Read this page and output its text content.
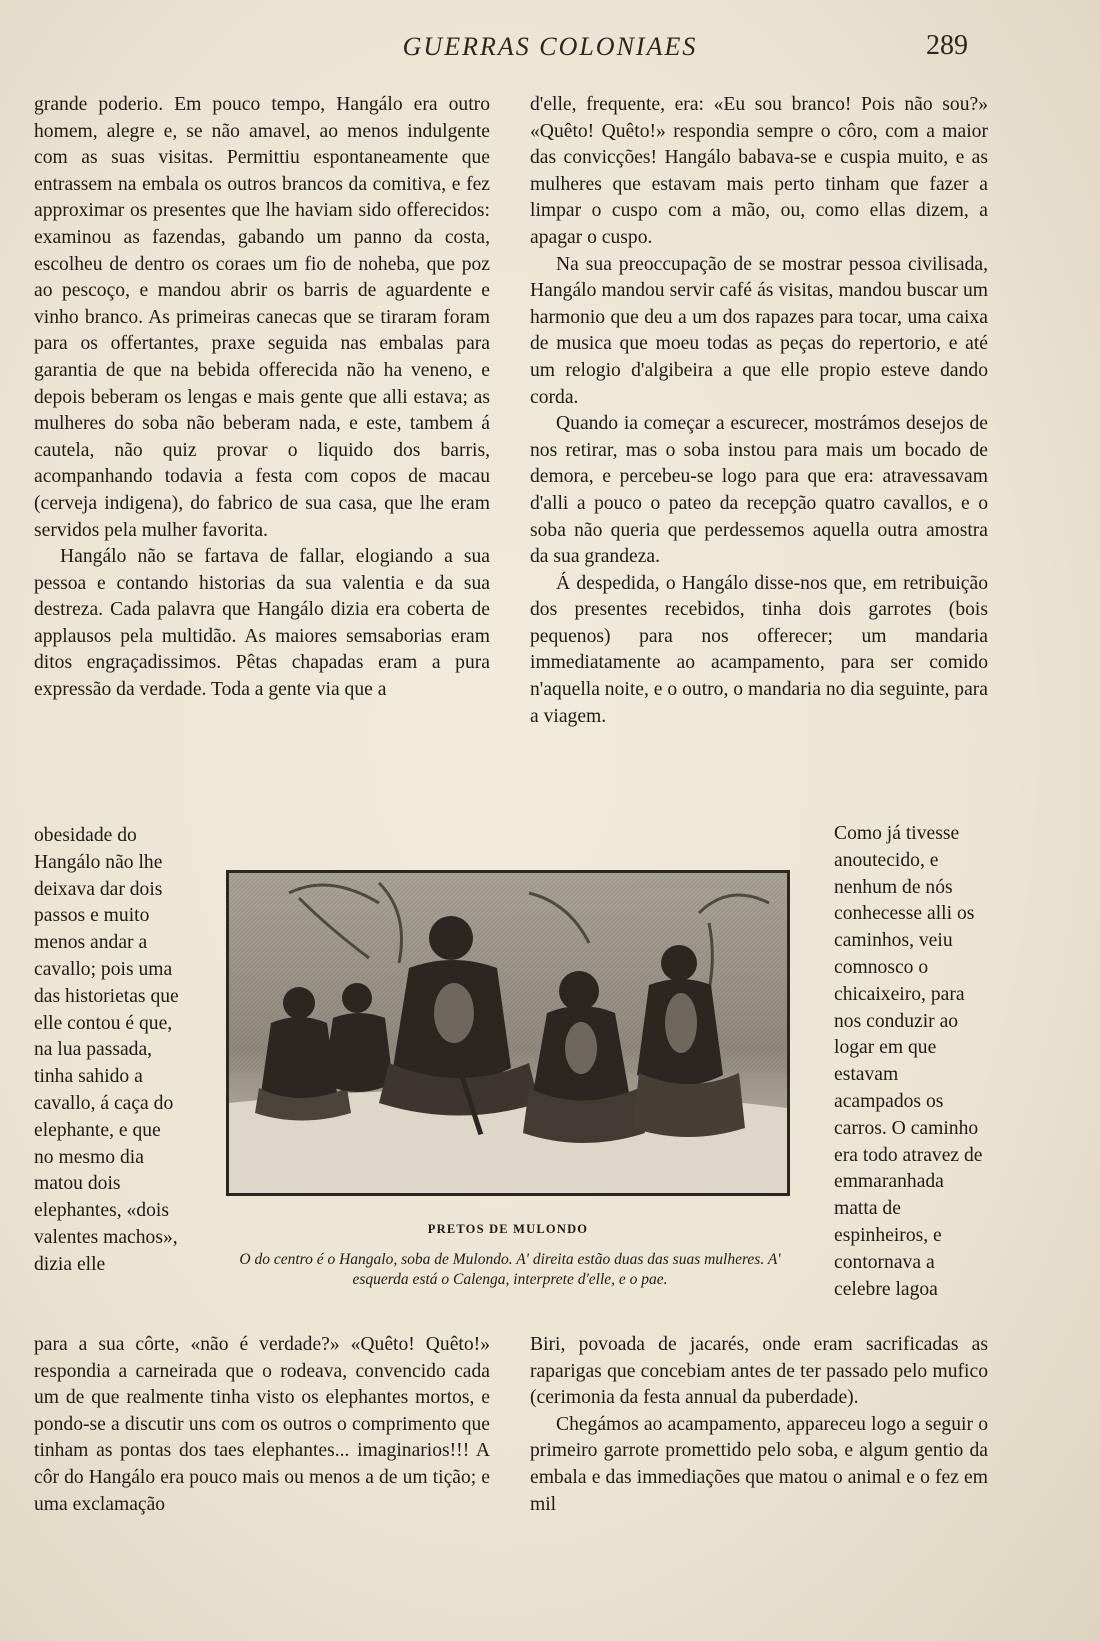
GUERRAS COLONIAES	289

grande poderio. Em pouco tempo, Hangálo era outro homem, alegre e, se não amavel, ao menos indulgente com as suas visitas. Permittiu espontaneamente que entrassem na embala os outros brancos da comitiva, e fez approximar os presentes que lhe haviam sido offerecidos: examinou as fazendas, gabando um panno da costa, escolheu de dentro os coraes um fio de noheba, que poz ao pescoço, e mandou abrir os barris de aguardente e vinho branco. As primeiras canecas que se tiraram foram para os offertantes, praxe seguida nas embalas para garantia de que na bebida offerecida não ha veneno, e depois beberam os lengas e mais gente que alli estava; as mulheres do soba não beberam nada, e este, tambem á cautela, não quiz provar o liquido dos barris, acompanhando todavia a festa com copos de macau (cerveja indigena), do fabrico de sua casa, que lhe eram servidos pela mulher favorita.

Hangálo não se fartava de fallar, elogiando a sua pessoa e contando historias da sua valentia e da sua destreza. Cada palavra que Hangálo dizia era coberta de applausos pela multidão. As maiores semsaborias eram ditos engraçadissimos. Pêtas chapadas eram a pura expressão da verdade. Toda a gente via que a

d'elle, frequente, era: «Eu sou branco! Pois não sou?» «Quêto! Quêto!» respondia sempre o côro, com a maior das convicções! Hangálo babava-se e cuspia muito, e as mulheres que estavam mais perto tinham que fazer a limpar o cuspo com a mão, ou, como ellas dizem, a apagar o cuspo.

Na sua preoccupação de se mostrar pessoa civilisada, Hangálo mandou servir café ás visitas, mandou buscar um harmonio que deu a um dos rapazes para tocar, uma caixa de musica que moeu todas as peças do repertorio, e até um relogio d'algibeira a que elle propio esteve dando corda.

Quando ia começar a escurecer, mostrámos desejos de nos retirar, mas o soba instou para mais um bocado de demora, e percebeu-se logo para que era: atravessavam d'alli a pouco o pateo da recepção quatro cavallos, e o soba não queria que perdessemos aquella outra amostra da sua grandeza.

Á despedida, o Hangálo disse-nos que, em retribuição dos presentes recebidos, tinha dois garrotes (bois pequenos) para nos offerecer; um mandaria immediatamente ao acampamento, para ser comido n'aquella noite, e o outro, o mandaria no dia seguinte, para a viagem.

obesidade do Hangálo não lhe deixava dar dois passos e muito menos andar a cavallo; pois uma das historietas que elle contou é que, na lua passada, tinha sahido a cavallo, á caça do elephante, e que no mesmo dia matou dois elephantes, «dois valentes machos», dizia elle

Como já tivesse anoutecido, e nenhum de nós conhecesse alli os caminhos, veiu comnosco o chicaixeiro, para nos conduzir ao logar em que estavam acampados os carros. O caminho era todo atravez de emmaranhada matta de espinheiros, e contornava a celebre lagoa

PRETOS DE MULONDO
O do centro é o Hangalo, soba de Mulondo. A' direita estão duas das suas mulheres. A' esquerda está o Calenga, interprete d'elle, e o pae.

para a sua côrte, «não é verdade?» «Quêto! Quêto!» respondia a carneirada que o rodeava, convencido cada um de que realmente tinha visto os elephantes mortos, e pondo-se a discutir uns com os outros o comprimento que tinham as pontas dos taes elephantes... imaginarios!!! A côr do Hangálo era pouco mais ou menos a de um tição; e uma exclamação

Biri, povoada de jacarés, onde eram sacrificadas as raparigas que concebiam antes de ter passado pelo mufico (cerimonia da festa annual da puberdade).

Chegámos ao acampamento, appareceu logo a seguir o primeiro garrote promettido pelo soba, e algum gentio da embala e das immediações que matou o animal e o fez em mil
